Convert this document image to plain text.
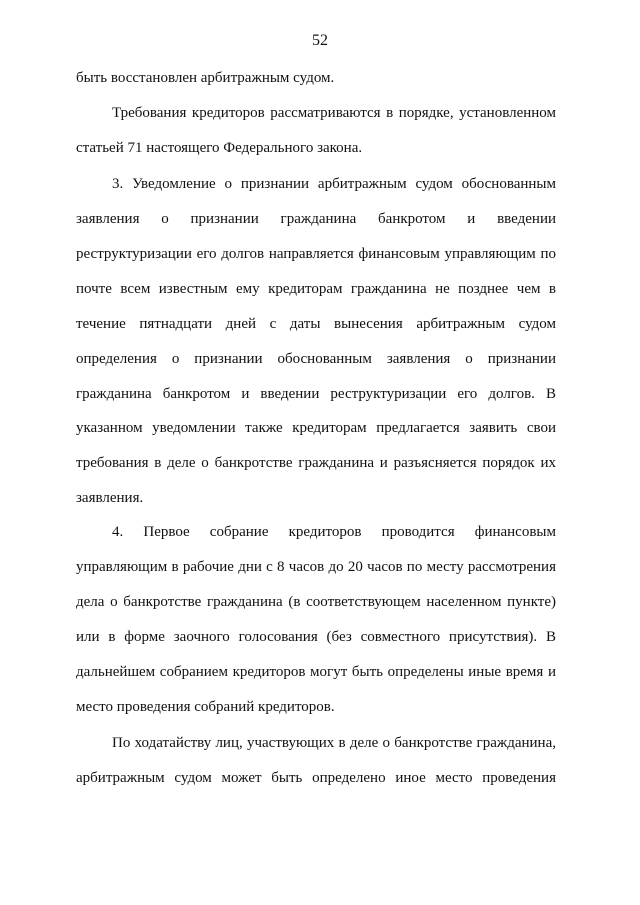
52
быть восстановлен арбитражным судом.
Требования кредиторов рассматриваются в порядке, установленном
статьей 71 настоящего Федерального закона.
3. Уведомление о признании арбитражным судом обоснованным
заявления о признании гражданина банкротом и введении
реструктуризации его долгов направляется финансовым управляющим по
почте всем известным ему кредиторам гражданина не позднее чем в
течение пятнадцати дней с даты вынесения арбитражным судом
определения о признании обоснованным заявления о признании
гражданина банкротом и введении реструктуризации его долгов. В
указанном уведомлении также кредиторам предлагается заявить свои
требования в деле о банкротстве гражданина и разъясняется порядок их
заявления.
4. Первое собрание кредиторов проводится финансовым
управляющим в рабочие дни с 8 часов до 20 часов по месту рассмотрения
дела о банкротстве гражданина (в соответствующем населенном пункте)
или в форме заочного голосования (без совместного присутствия). В
дальнейшем собранием кредиторов могут быть определены иные время и
место проведения собраний кредиторов.
По ходатайству лиц, участвующих в деле о банкротстве гражданина,
арбитражным судом может быть определено иное место проведения
